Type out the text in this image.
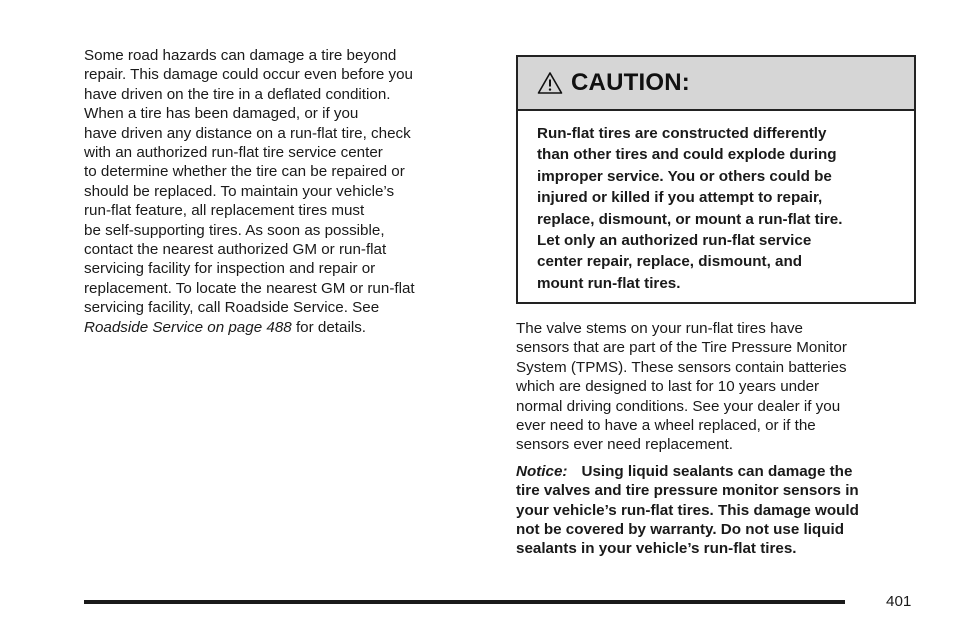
Some road hazards can damage a tire beyond
repair. This damage could occur even before you
have driven on the tire in a deflated condition.
When a tire has been damaged, or if you
have driven any distance on a run-flat tire, check
with an authorized run-flat tire service center
to determine whether the tire can be repaired or
should be replaced. To maintain your vehicle’s
run-flat feature, all replacement tires must
be self-supporting tires. As soon as possible,
contact the nearest authorized GM or run-flat
servicing facility for inspection and repair or
replacement. To locate the nearest GM or run-flat
servicing facility, call Roadside Service. See
Roadside Service on page 488 for details.
CAUTION:
Run-flat tires are constructed differently
than other tires and could explode during
improper service. You or others could be
injured or killed if you attempt to repair,
replace, dismount, or mount a run-flat tire.
Let only an authorized run-flat service
center repair, replace, dismount, and
mount run-flat tires.
The valve stems on your run-flat tires have
sensors that are part of the Tire Pressure Monitor
System (TPMS). These sensors contain batteries
which are designed to last for 10 years under
normal driving conditions. See your dealer if you
ever need to have a wheel replaced, or if the
sensors ever need replacement.
Notice: Using liquid sealants can damage the
tire valves and tire pressure monitor sensors in
your vehicle’s run-flat tires. This damage would
not be covered by warranty. Do not use liquid
sealants in your vehicle’s run-flat tires.
401
